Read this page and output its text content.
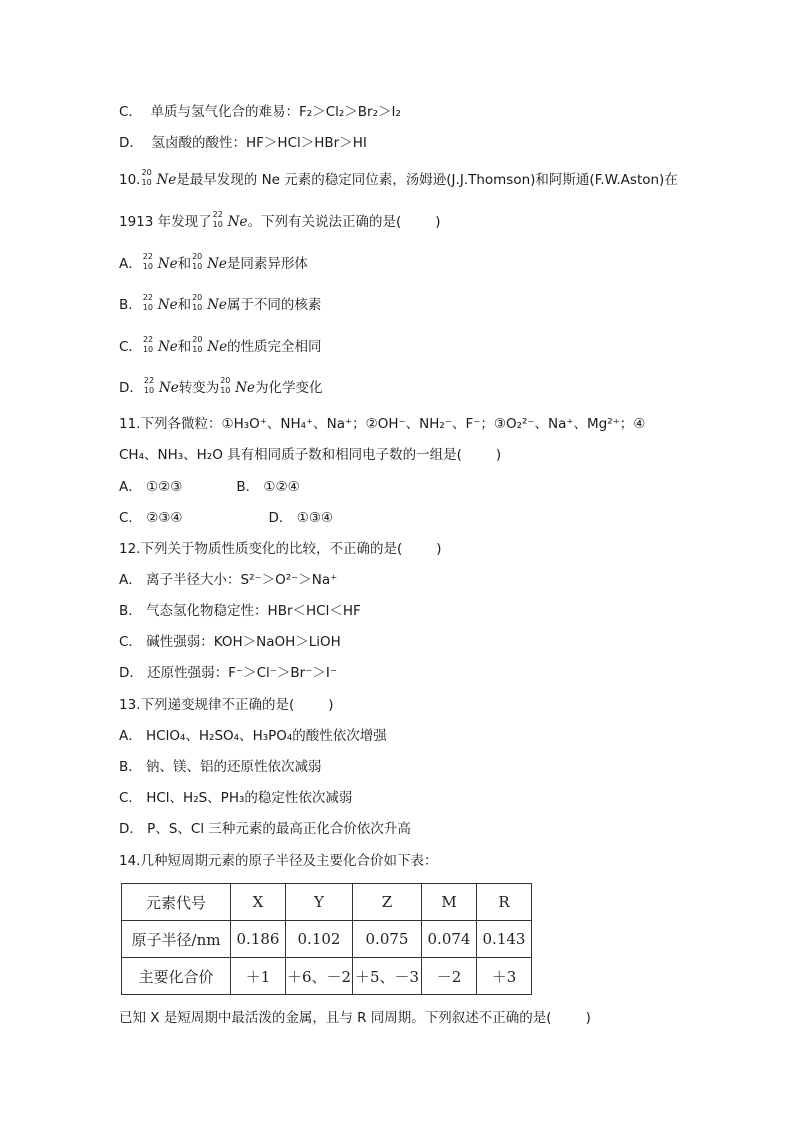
C． 单质与氢气化合的难易：F₂＞Cl₂＞Br₂＞I₂
D． 氢卤酸的酸性：HF＞HCl＞HBr＞HI
10. 20
10 Ne是最早发现的 Ne 元素的稳定同位素，汤姆逊(J.J.Thomson)和阿斯通(F.W.Aston)在
1913 年发现了 22
10 Ne。下列有关说法正确的是(	)
A． 22
10 Ne和 20
10 Ne是同素异形体
B． 22
10 Ne和 20
10 Ne属于不同的核素
C． 22
10 Ne和 20
10 Ne的性质完全相同
D． 22
10 Ne转变为 20
10 Ne为化学变化
11.下列各微粒：①H₃O⁺、NH₄⁺、Na⁺；②OH⁻、NH₂⁻、F⁻；③O₂²⁻、Na⁺、Mg²⁺；④
CH₄、NH₃、H₂O 具有相同质子数和相同电子数的一组是(	)
A． ①②③	B． ①②④
C． ②③④	D． ①③④
12.下列关于物质性质变化的比较，不正确的是(	)
A． 离子半径大小：S²⁻＞O²⁻＞Na⁺
B． 气态氢化物稳定性：HBr＜HCl＜HF
C． 碱性强弱：KOH＞NaOH＞LiOH
D． 还原性强弱：F⁻＞Cl⁻＞Br⁻＞I⁻
13.下列递变规律不正确的是(	)
A． HClO₄、H₂SO₄、H₃PO₄的酸性依次增强
B． 钠、镁、铝的还原性依次减弱
C． HCl、H₂S、PH₃的稳定性依次减弱
D． P、S、Cl 三种元素的最高正化合价依次升高
14.几种短周期元素的原子半径及主要化合价如下表：
元素代号	X	Y	Z	M	R
原子半径/nm	0.186	0.102	0.075	0.074	0.143
主要化合价	＋1	＋6、－2	＋5、－3	－2	＋3
已知 X 是短周期中最活泼的金属，且与 R 同周期。下列叙述不正确的是(	)
